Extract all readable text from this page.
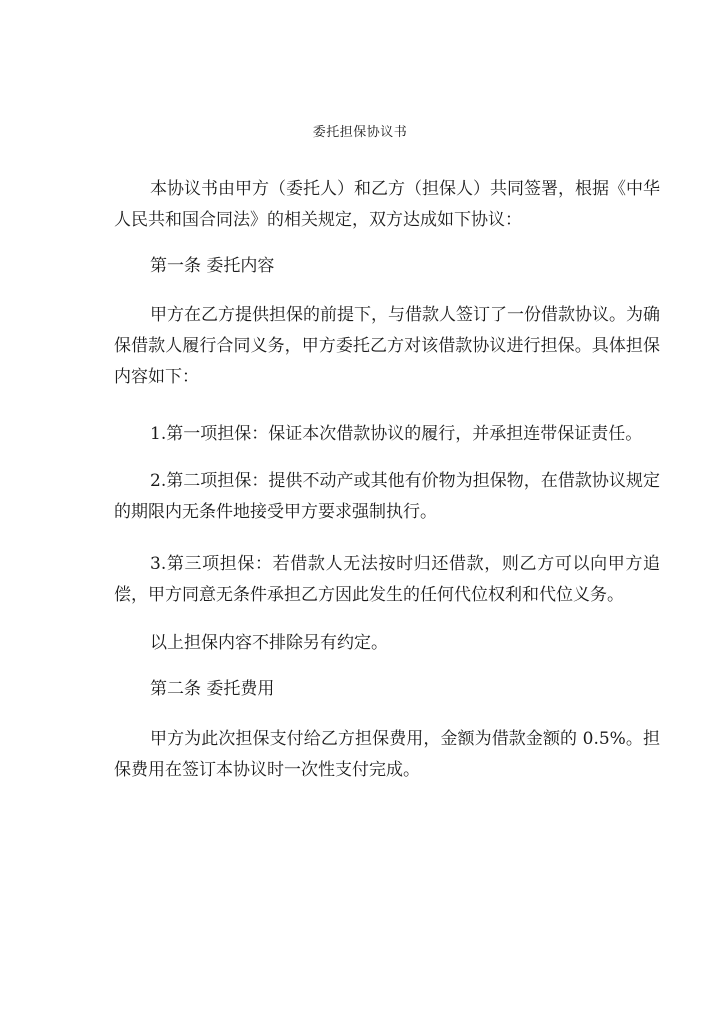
委托担保协议书

本协议书由甲方（委托人）和乙方（担保人）共同签署，根据《中华人民共和国合同法》的相关规定，双方达成如下协议：

第一条 委托内容

甲方在乙方提供担保的前提下，与借款人签订了一份借款协议。为确保借款人履行合同义务，甲方委托乙方对该借款协议进行担保。具体担保内容如下：

1.第一项担保：保证本次借款协议的履行，并承担连带保证责任。

2.第二项担保：提供不动产或其他有价物为担保物，在借款协议规定的期限内无条件地接受甲方要求强制执行。

3.第三项担保：若借款人无法按时归还借款，则乙方可以向甲方追偿，甲方同意无条件承担乙方因此发生的任何代位权利和代位义务。

以上担保内容不排除另有约定。

第二条 委托费用

甲方为此次担保支付给乙方担保费用，金额为借款金额的 0.5%。担保费用在签订本协议时一次性支付完成。
